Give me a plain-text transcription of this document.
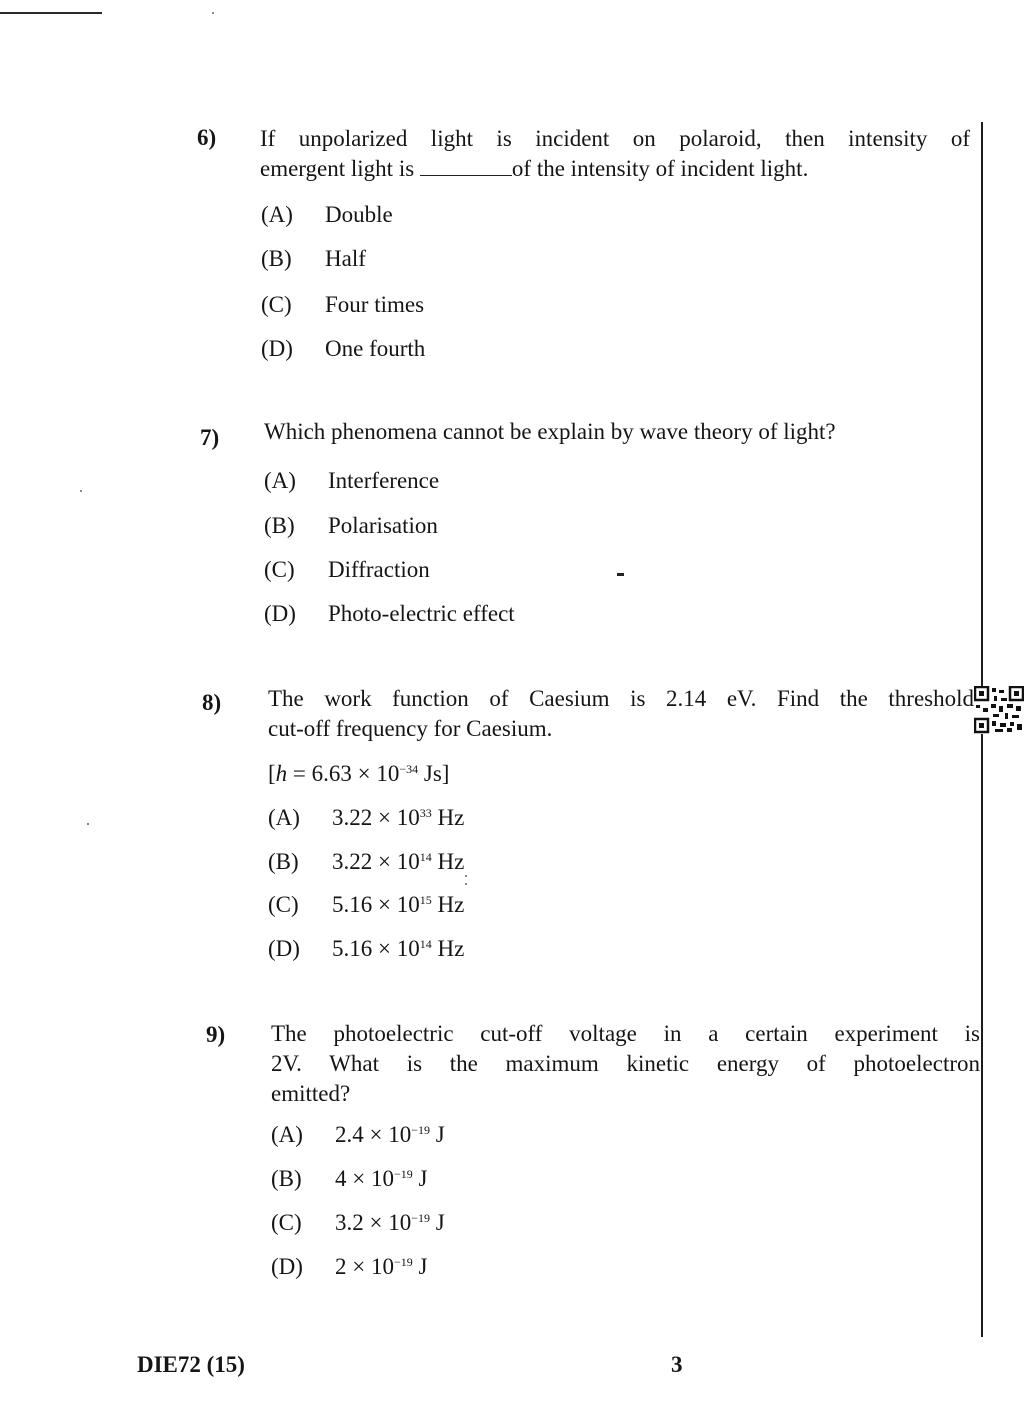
6) If unpolarized light is incident on polaroid, then intensity of
emergent light is	of the intensity of incident light.
(A) Double
(B) Half
(C) Four times
(D) One fourth
7) Which phenomena cannot be explain by wave theory of light?
(A) Interference
(B) Polarisation
(C) Diffraction
(D) Photo-electric effect
8) The work function of Caesium is 2.14 eV. Find the threshold
cut-off frequency for Caesium.
[$h = 6.63 \times 10^{-34}$ Js]
(A) $3.22 \times 10^{33}$ Hz
(B) $3.22 \times 10^{14}$ Hz
(C) $5.16 \times 10^{15}$ Hz
(D) $5.16 \times 10^{14}$ Hz
9) The photoelectric cut-off voltage in a certain experiment is
2V. What is the maximum kinetic energy of photoelectron
emitted?
(A) $2.4 \times 10^{-19}$ J
(B) $4 \times 10^{-19}$ J
(C) $3.2 \times 10^{-19}$ J
(D) $2 \times 10^{-19}$ J
DIE72 (15)	3
